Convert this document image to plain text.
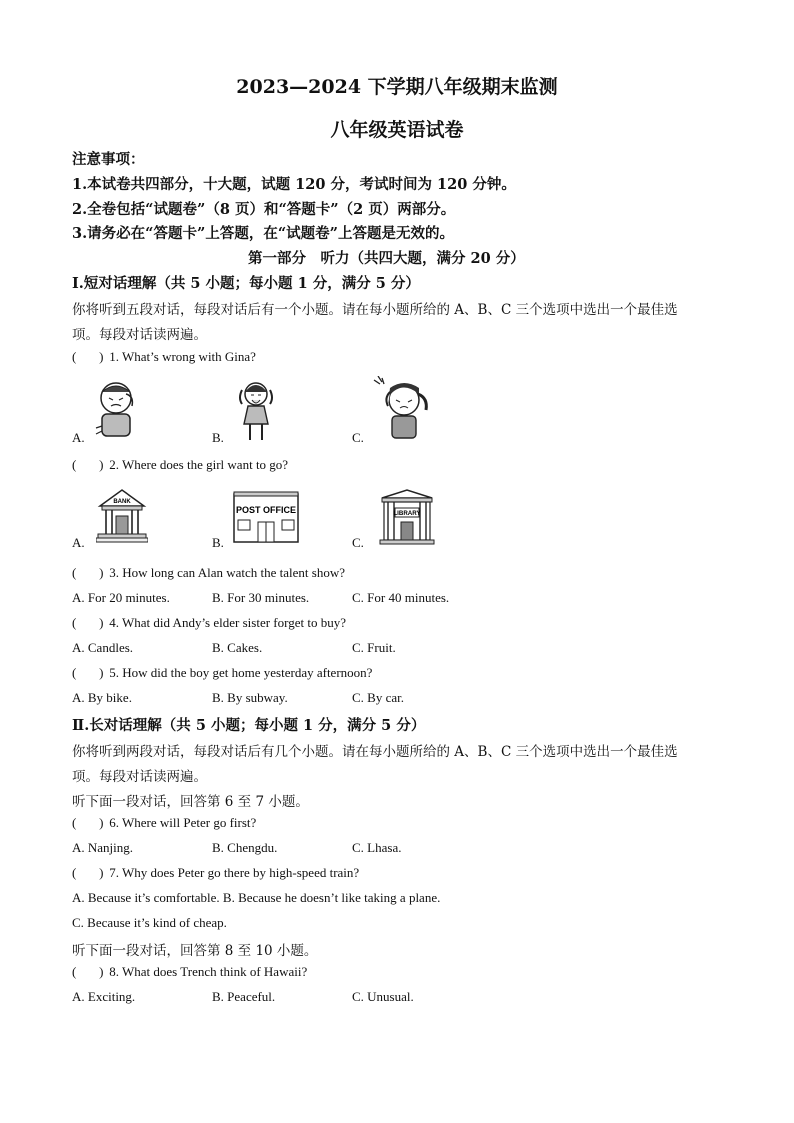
2023—2024 下学期八年级期末监测
八年级英语试卷
注意事项：
1.本试卷共四部分，十大题，试题 120 分，考试时间为 120 分钟。
2.全卷包括“试题卷”（8 页）和“答题卡”（2 页）两部分。
3.请务必在“答题卡”上答题，在“试题卷”上答题是无效的。
第一部分　听力（共四大题，满分 20 分）
Ⅰ.短对话理解（共 5 小题；每小题 1 分，满分 5 分）
你将听到五段对话，每段对话后有一个小题。请在每小题所给的 A、B、C 三个选项中选出一个最佳选
项。每段对话读两遍。
( ) 1. What’s wrong with Gina?
A.	B.	C.
( ) 2. Where does the girl want to go?
A.	B.	C.
BANK
POST OFFICE	LIBRARY
( ) 3. How long can Alan watch the talent show?
A. For 20 minutes.	B. For 30 minutes.	C. For 40 minutes.
( ) 4. What did Andy’s elder sister forget to buy?
A. Candles.	B. Cakes.	C. Fruit.
( ) 5. How did the boy get home yesterday afternoon?
A. By bike.	B. By subway.	C. By car.
Ⅱ.长对话理解（共 5 小题；每小题 1 分，满分 5 分）
你将听到两段对话，每段对话后有几个小题。请在每小题所给的 A、B、C 三个选项中选出一个最佳选
项。每段对话读两遍。
听下面一段对话，回答第 6 至 7 小题。
( ) 6. Where will Peter go first?
A. Nanjing.	B. Chengdu.	C. Lhasa.
( ) 7. Why does Peter go there by high-speed train?
A. Because it’s comfortable. B. Because he doesn’t like taking a plane.
C. Because it’s kind of cheap.
听下面一段对话，回答第 8 至 10 小题。
( ) 8. What does Trench think of Hawaii?
A. Exciting.	B. Peaceful.	C. Unusual.
